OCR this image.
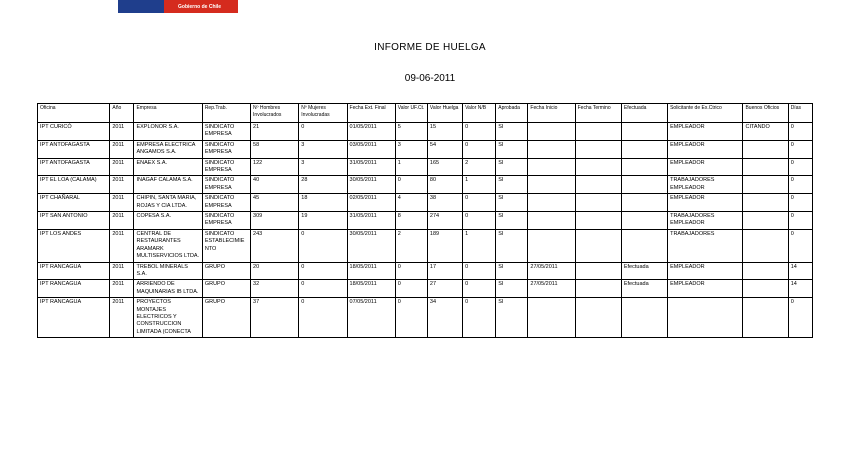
Gobierno de Chile
INFORME DE HUELGA
09-06-2011
Oficina	Año	Empresa	Rep.Trab.	Nº Hombres Involucrados	Nº Mujeres Involucradas	Fecha Ext. Final	Valor UF.Ct.	Valor Huelga	Valor N/B	Aprobada	Fecha Inicio	Fecha Termino	Efectuada	Solicitante de Ex.Ctrico	Buenos Oficios	Días
IPT CURICÓ	2011	EXPLONOR S.A.	SINDICATO EMPRESA	21	0	01/05/2011	5	15	0	SI				EMPLEADOR	CITANDO	0
IPT ANTOFAGASTA	2011	EMPRESA ELECTRICA ANGAMOS S.A.	SINDICATO EMPRESA	58	3	03/05/2011	3	54	0	SI				EMPLEADOR		0
IPT ANTOFAGASTA	2011	ENAEX S.A.	SINDICATO EMPRESA	122	3	31/05/2011	1	165	2	SI				EMPLEADOR		0
IPT EL LOA (CALAMA)	2011	INAGAF CALAMA S.A.	SINDICATO EMPRESA	40	28	30/05/2011	0	80	1	SI				TRABAJADORES EMPLEADOR		0
IPT CHAÑARAL	2011	CHIPIN, SANTA MARIA, ROJAS Y CIA LTDA.	SINDICATO EMPRESA	45	18	02/05/2011	4	38	0	SI				EMPLEADOR		0
IPT SAN ANTONIO	2011	COPESA S.A.	SINDICATO EMPRESA	309	19	31/05/2011	8	274	0	SI				TRABAJADORES EMPLEADOR		0
IPT LOS ANDES	2011	CENTRAL DE RESTAURANTES ARAMARK MULTISERVICIOS LTDA.	SINDICATO ESTABLECIMIENTO	243	0	30/05/2011	2	189	1	SI				TRABAJADORES		0
IPT RANCAGUA	2011	TREBOL MINERALS S.A.	GRUPO	20	0	18/05/2011	0	17	0	SI	27/05/2011		Efectuada	EMPLEADOR		14
IPT RANCAGUA	2011	ARRIENDO DE MAQUINARIAS IB LTDA.	GRUPO	32	0	18/05/2011	0	27	0	SI	27/05/2011		Efectuada	EMPLEADOR		14
IPT RANCAGUA	2011	PROYECTOS MONTAJES ELECTRICOS Y CONSTRUCCION LIMITADA (CONECTA	GRUPO	37	0	07/05/2011	0	34	0	SI						0
